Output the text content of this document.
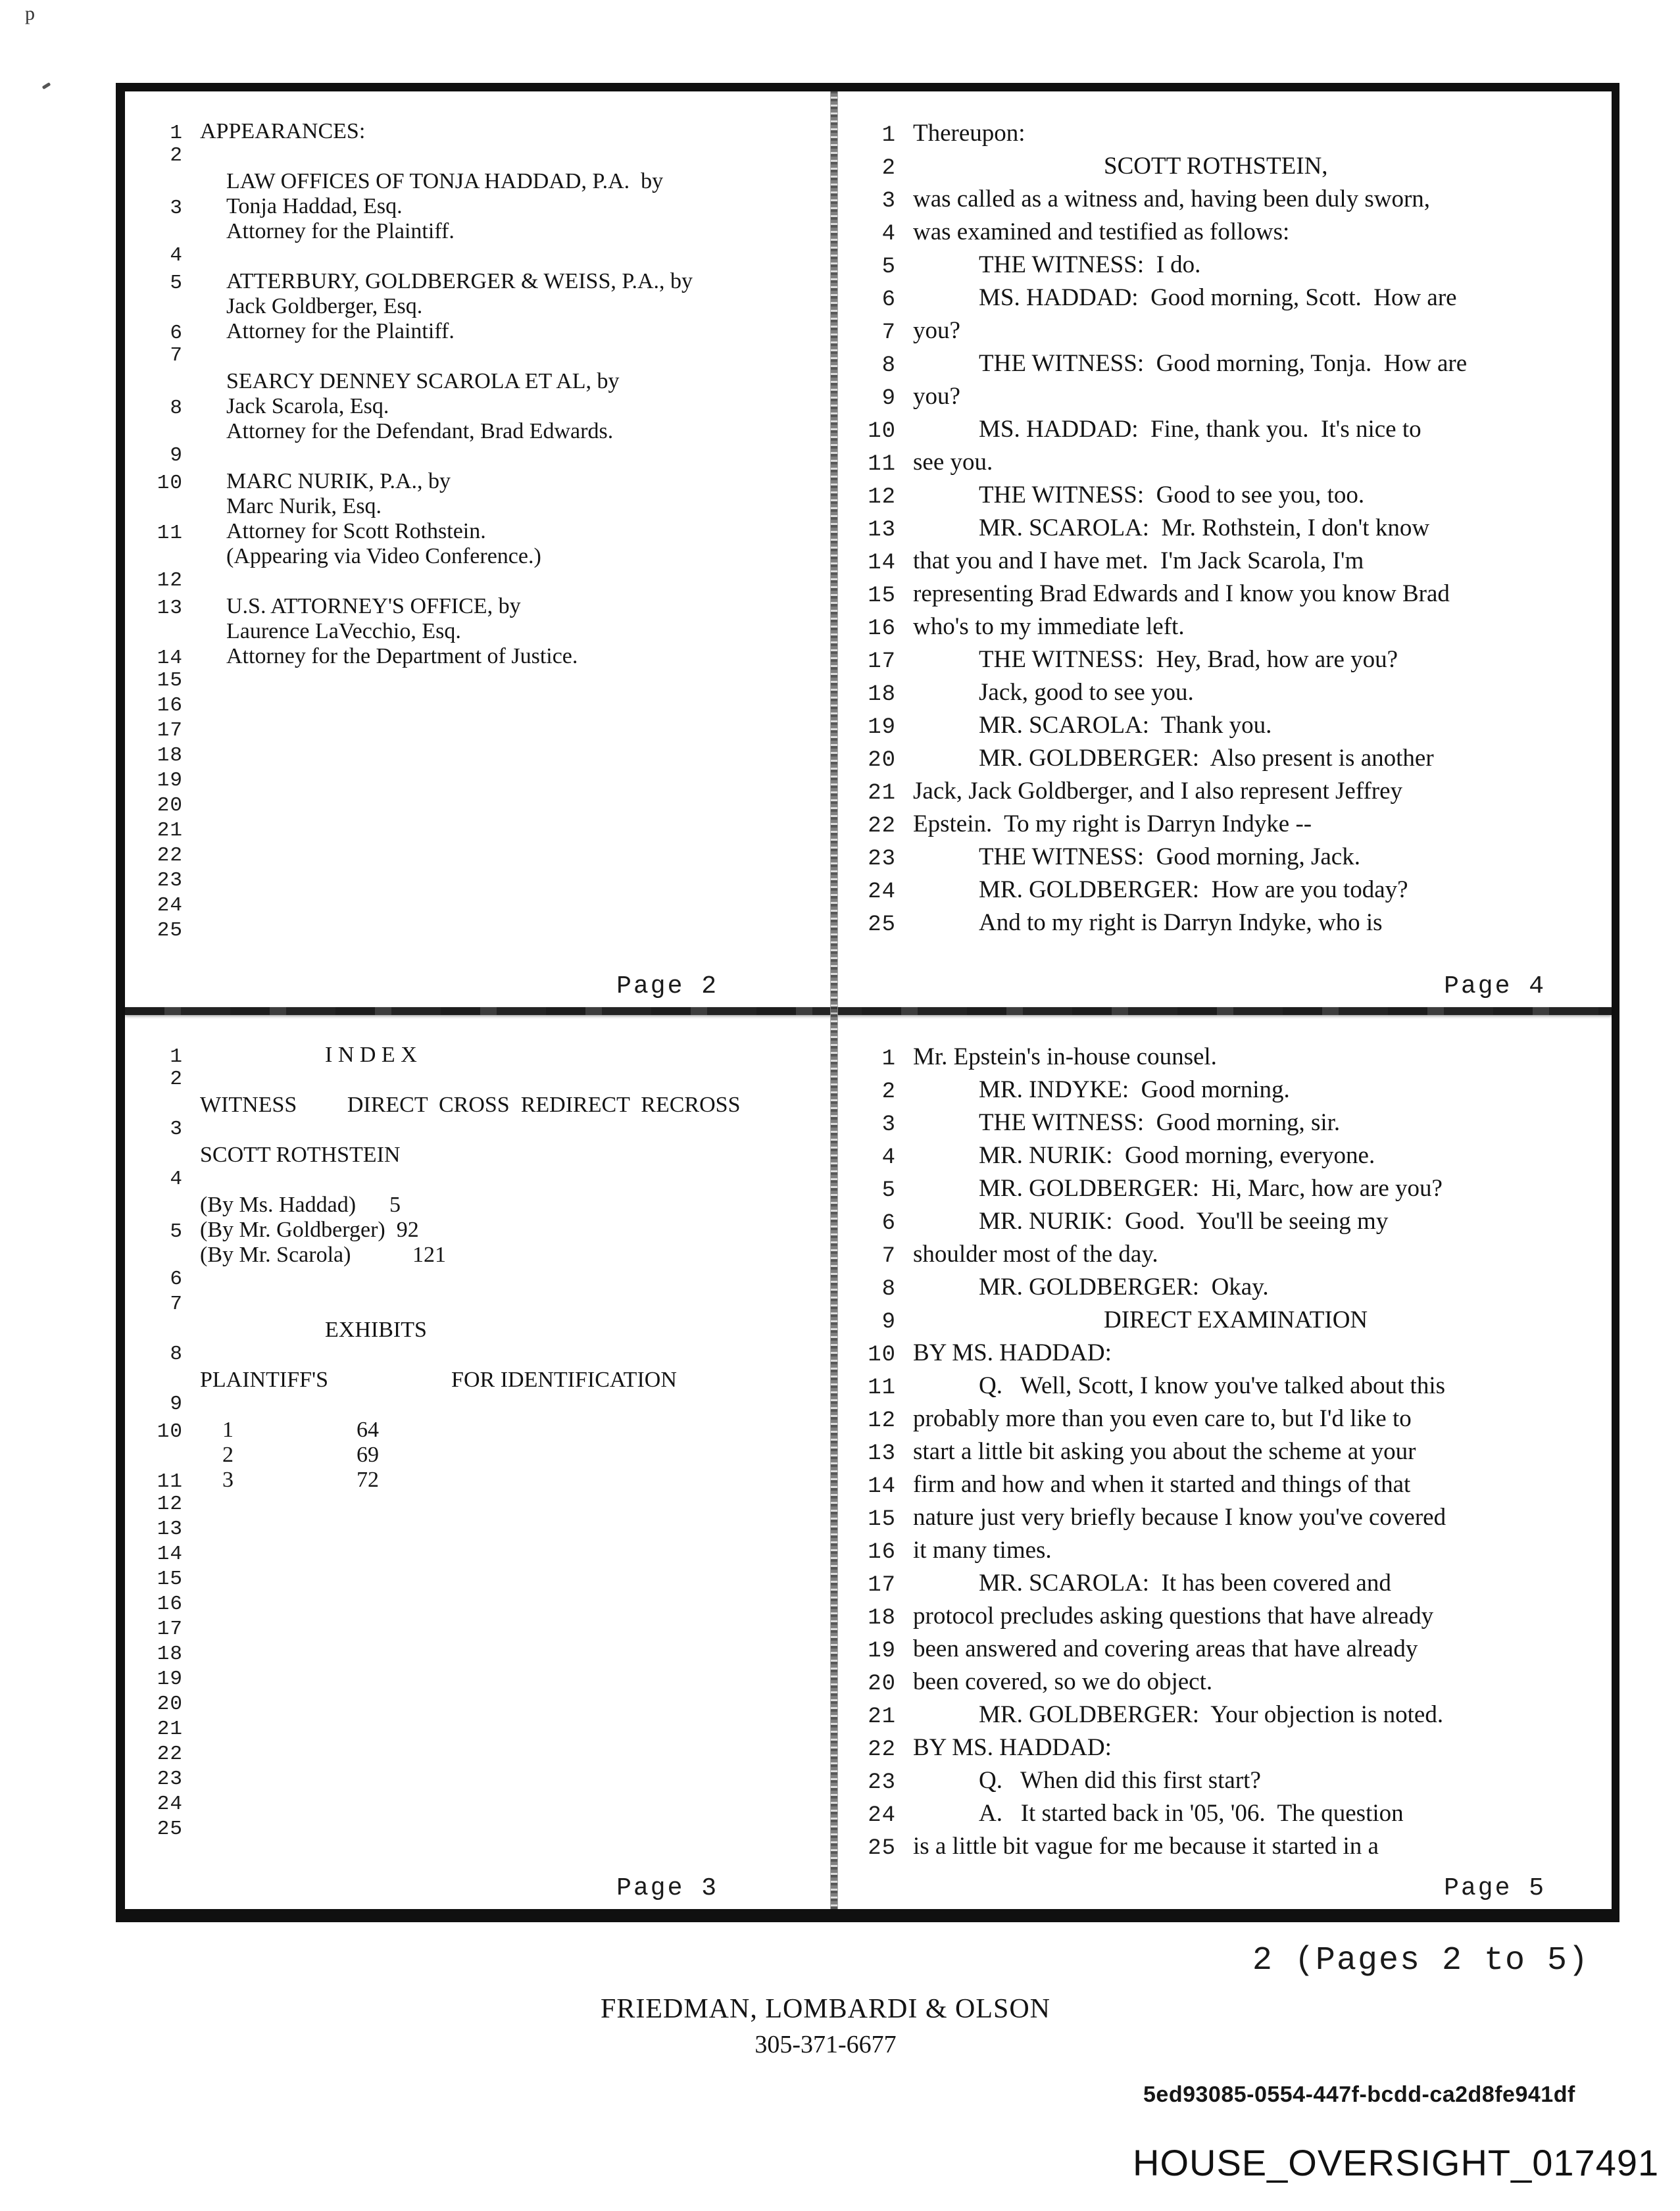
p
1 APPEARANCES:
2
LAW OFFICES OF TONJA HADDAD, P.A.  by
3	Tonja Haddad, Esq.
Attorney for the Plaintiff.
4
5	ATTERBURY, GOLDBERGER & WEISS, P.A., by
Jack Goldberger, Esq.
6	Attorney for the Plaintiff.
7
SEARCY DENNEY SCAROLA ET AL, by
8	Jack Scarola, Esq.
Attorney for the Defendant, Brad Edwards.
9
10	MARC NURIK, P.A., by
Marc Nurik, Esq.
11	Attorney for Scott Rothstein.
(Appearing via Video Conference.)
12
13	U.S. ATTORNEY'S OFFICE, by
Laurence LaVecchio, Esq.
14	Attorney for the Department of Justice.
15
16
17
18
19
20
21
22
23
24
25
Page 2
1 Thereupon:
2	SCOTT ROTHSTEIN,
3 was called as a witness and, having been duly sworn,
4 was examined and testified as follows:
5	THE WITNESS:  I do.
6	MS. HADDAD:  Good morning, Scott.  How are
7 you?
8	THE WITNESS:  Good morning, Tonja.  How are
9 you?
10	MS. HADDAD:  Fine, thank you.  It's nice to
11 see you.
12	THE WITNESS:  Good to see you, too.
13	MR. SCAROLA:  Mr. Rothstein, I don't know
14 that you and I have met.  I'm Jack Scarola, I'm
15 representing Brad Edwards and I know you know Brad
16 who's to my immediate left.
17	THE WITNESS:  Hey, Brad, how are you?
18	Jack, good to see you.
19	MR. SCAROLA:  Thank you.
20	MR. GOLDBERGER:  Also present is another
21 Jack, Jack Goldberger, and I also represent Jeffrey
22 Epstein.  To my right is Darryn Indyke --
23	THE WITNESS:  Good morning, Jack.
24	MR. GOLDBERGER:  How are you today?
25	And to my right is Darryn Indyke, who is
Page 4
1	I N D E X
2
WITNESS         DIRECT  CROSS  REDIRECT  RECROSS
3
SCOTT ROTHSTEIN
4
(By Ms. Haddad)      5
5 (By Mr. Goldberger)  92
(By Mr. Scarola)           121
6
7
EXHIBITS
8
PLAINTIFF'S                      FOR IDENTIFICATION
9
10 1                      64
2                      69
11 3                      72
12
13
14
15
16
17
18
19
20
21
22
23
24
25
Page 3
1 Mr. Epstein's in-house counsel.
2	MR. INDYKE:  Good morning.
3	THE WITNESS:  Good morning, sir.
4	MR. NURIK:  Good morning, everyone.
5	MR. GOLDBERGER:  Hi, Marc, how are you?
6	MR. NURIK:  Good.  You'll be seeing my
7 shoulder most of the day.
8	MR. GOLDBERGER:  Okay.
9	DIRECT EXAMINATION
10 BY MS. HADDAD:
11	Q.   Well, Scott, I know you've talked about this
12 probably more than you even care to, but I'd like to
13 start a little bit asking you about the scheme at your
14 firm and how and when it started and things of that
15 nature just very briefly because I know you've covered
16 it many times.
17	MR. SCAROLA:  It has been covered and
18 protocol precludes asking questions that have already
19 been answered and covering areas that have already
20 been covered, so we do object.
21	MR. GOLDBERGER:  Your objection is noted.
22 BY MS. HADDAD:
23	Q.   When did this first start?
24	A.   It started back in '05, '06.  The question
25 is a little bit vague for me because it started in a
Page 5
2 (Pages 2 to 5)
FRIEDMAN, LOMBARDI & OLSON
305-371-6677
5ed93085-0554-447f-bcdd-ca2d8fe941df
HOUSE_OVERSIGHT_017491
